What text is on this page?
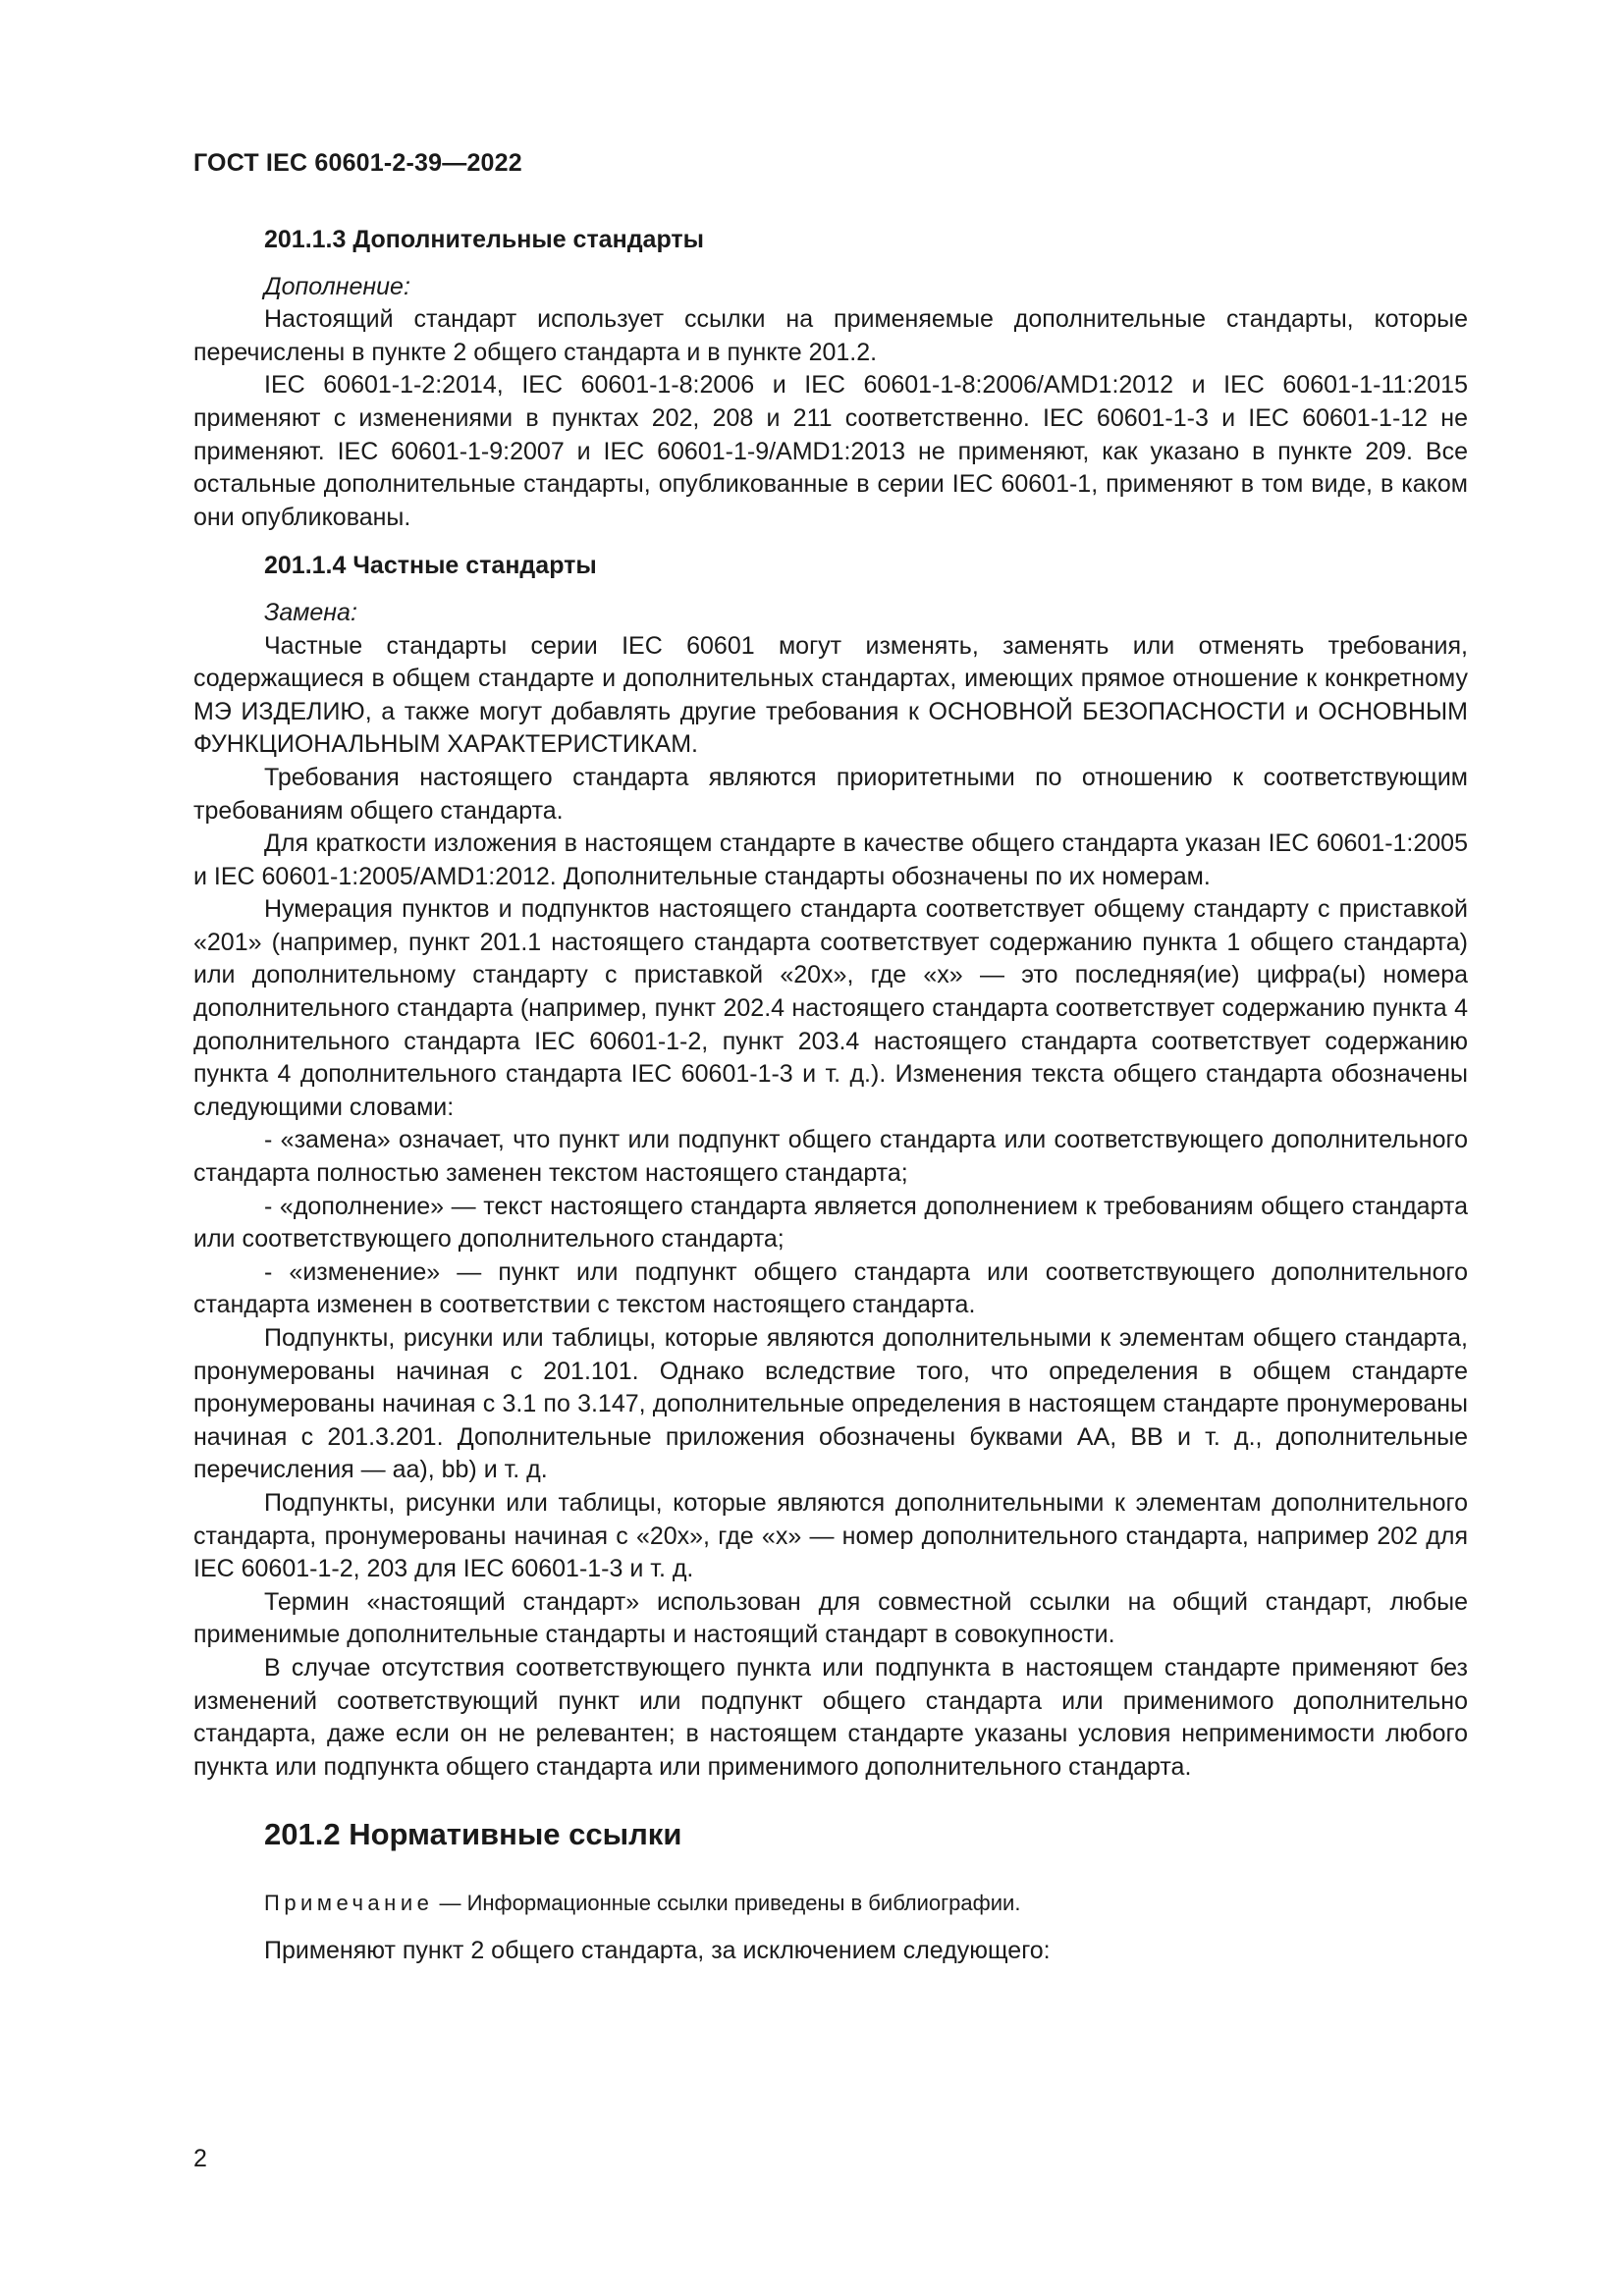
ГОСТ IEC 60601-2-39—2022
201.1.3 Дополнительные стандарты
Дополнение:

Настоящий стандарт использует ссылки на применяемые дополнительные стандарты, которые перечислены в пункте 2 общего стандарта и в пункте 201.2.

IEC 60601-1-2:2014, IEC 60601-1-8:2006 и IEC 60601-1-8:2006/AMD1:2012 и IEC 60601-1-11:2015 применяют с изменениями в пунктах 202, 208 и 211 соответственно. IEC 60601-1-3 и IEC 60601-1-12 не применяют. IEC 60601-1-9:2007 и IEC 60601-1-9/AMD1:2013 не применяют, как указано в пункте 209. Все остальные дополнительные стандарты, опубликованные в серии IEC 60601-1, применяют в том виде, в каком они опубликованы.

201.1.4 Частные стандарты
Замена:

Частные стандарты серии IEC 60601 могут изменять, заменять или отменять требования, содержащиеся в общем стандарте и дополнительных стандартах, имеющих прямое отношение к конкретному МЭ ИЗДЕЛИЮ, а также могут добавлять другие требования к ОСНОВНОЙ БЕЗОПАСНОСТИ и ОСНОВНЫМ ФУНКЦИОНАЛЬНЫМ ХАРАКТЕРИСТИКАМ.

Требования настоящего стандарта являются приоритетными по отношению к соответствующим требованиям общего стандарта.

Для краткости изложения в настоящем стандарте в качестве общего стандарта указан IEC 60601-1:2005 и IEC 60601-1:2005/AMD1:2012. Дополнительные стандарты обозначены по их номерам.

Нумерация пунктов и подпунктов настоящего стандарта соответствует общему стандарту с приставкой «201» (например, пункт 201.1 настоящего стандарта соответствует содержанию пункта 1 общего стандарта) или дополнительному стандарту с приставкой «20x», где «x» — это последняя(ие) цифра(ы) номера дополнительного стандарта (например, пункт 202.4 настоящего стандарта соответствует содержанию пункта 4 дополнительного стандарта IEC 60601-1-2, пункт 203.4 настоящего стандарта соответствует содержанию пункта 4 дополнительного стандарта IEC 60601-1-3 и т. д.). Изменения текста общего стандарта обозначены следующими словами:

- «замена» означает, что пункт или подпункт общего стандарта или соответствующего дополнительного стандарта полностью заменен текстом настоящего стандарта;

- «дополнение» — текст настоящего стандарта является дополнением к требованиям общего стандарта или соответствующего дополнительного стандарта;

- «изменение» — пункт или подпункт общего стандарта или соответствующего дополнительного стандарта изменен в соответствии с текстом настоящего стандарта.

Подпункты, рисунки или таблицы, которые являются дополнительными к элементам общего стандарта, пронумерованы начиная с 201.101. Однако вследствие того, что определения в общем стандарте пронумерованы начиная с 3.1 по 3.147, дополнительные определения в настоящем стандарте пронумерованы начиная с 201.3.201. Дополнительные приложения обозначены буквами АА, ВВ и т. д., дополнительные перечисления — аа), bb) и т. д.

Подпункты, рисунки или таблицы, которые являются дополнительными к элементам дополнительного стандарта, пронумерованы начиная с «20x», где «x» — номер дополнительного стандарта, например 202 для IEC 60601-1-2, 203 для IEC 60601-1-3 и т. д.

Термин «настоящий стандарт» использован для совместной ссылки на общий стандарт, любые применимые дополнительные стандарты и настоящий стандарт в совокупности.

В случае отсутствия соответствующего пункта или подпункта в настоящем стандарте применяют без изменений соответствующий пункт или подпункт общего стандарта или применимого дополнительно стандарта, даже если он не релевантен; в настоящем стандарте указаны условия неприменимости любого пункта или подпункта общего стандарта или применимого дополнительного стандарта.

201.2 Нормативные ссылки
Примечание — Информационные ссылки приведены в библиографии.
Применяют пункт 2 общего стандарта, за исключением следующего:
2
